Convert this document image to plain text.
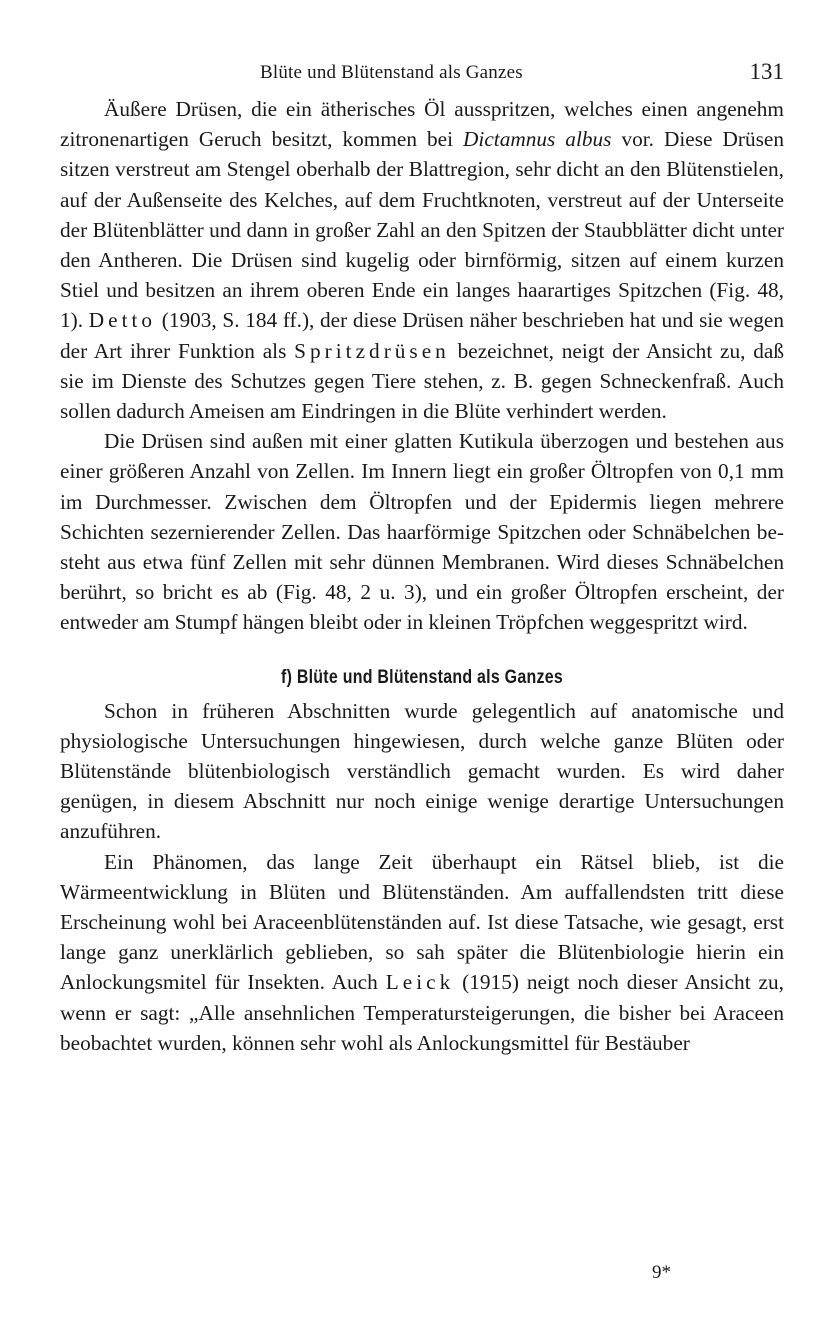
Blüte und Blütenstand als Ganzes	131

Äußere Drüsen, die ein ätherisches Öl ausspritzen, welches einen angenehm zitronenartigen Geruch besitzt, kommen bei Dictamnus albus vor. Diese Drüsen sitzen verstreut am Stengel oberhalb der Blattregion, sehr dicht an den Blütenstielen, auf der Außenseite des Kelches, auf dem Fruchtknoten, verstreut auf der Unterseite der Blütenblätter und dann in großer Zahl an den Spitzen der Staubblätter dicht unter den Antheren. Die Drüsen sind kugelig oder birnförmig, sitzen auf einem kurzen Stiel und besitzen an ihrem oberen Ende ein langes haarartiges Spitzchen (Fig. 48, 1). Detto (1903, S. 184 ff.), der diese Drüsen näher beschrieben hat und sie wegen der Art ihrer Funktion als Spritzdrüsen bezeichnet, neigt der Ansicht zu, daß sie im Dienste des Schutzes gegen Tiere stehen, z. B. gegen Schneckenfraß. Auch sollen dadurch Ameisen am Eindringen in die Blüte verhindert werden.

Die Drüsen sind außen mit einer glatten Kutikula überzogen und bestehen aus einer größeren Anzahl von Zellen. Im Innern liegt ein großer Öltropfen von 0,1 mm im Durchmesser. Zwischen dem Öltropfen und der Epidermis liegen mehrere Schichten sezernierender Zellen. Das haarförmige Spitzchen oder Schnäbelchen besteht aus etwa fünf Zellen mit sehr dünnen Membranen. Wird dieses Schnäbelchen berührt, so bricht es ab (Fig. 48, 2 u. 3), und ein großer Öltropfen erscheint, der entweder am Stumpf hängen bleibt oder in kleinen Tröpfchen weggespritzt wird.

f) Blüte und Blütenstand als Ganzes

Schon in früheren Abschnitten wurde gelegentlich auf anatomische und physiologische Untersuchungen hingewiesen, durch welche ganze Blüten oder Blütenstände blütenbiologisch verständlich gemacht wurden. Es wird daher genügen, in diesem Abschnitt nur noch einige wenige derartige Untersuchungen anzuführen.

Ein Phänomen, das lange Zeit überhaupt ein Rätsel blieb, ist die Wärmeentwicklung in Blüten und Blütenständen. Am auffallendsten tritt diese Erscheinung wohl bei Araceenblütenständen auf. Ist diese Tatsache, wie gesagt, erst lange ganz unerklärlich geblieben, so sah später die Blütenbiologie hierin ein Anlockungsmitel für Insekten. Auch Leick (1915) neigt noch dieser Ansicht zu, wenn er sagt: „Alle ansehnlichen Temperatursteigerungen, die bisher bei Araceen beobachtet wurden, können sehr wohl als Anlockungsmittel für Bestäuber

9*
